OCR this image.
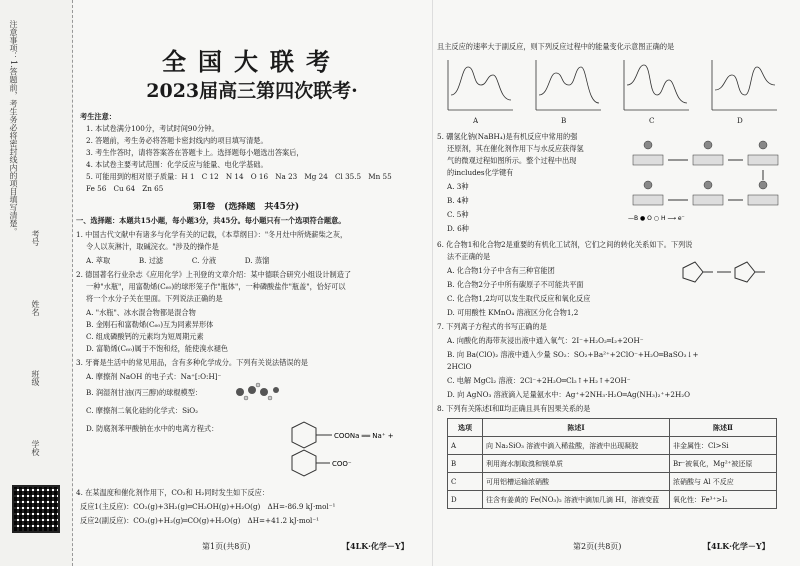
注意事项：1.答题前，考生务必将密封线内的项目填写清楚。
考号
姓名
班级
学校
全国大联考
2023届高三第四次联考·
考生注意：
1. 本试卷满分100分，考试时间90分钟。
2. 答题前，考生务必将答题卡密封线内的项目填写清楚。
3. 考生作答时，请将答案答在答题卡上。选择题每小题选出答案后，
4. 本试卷主要考试范围：化学反应与能量、电化学基础。
5. 可能用到的相对原子质量：H 1　C 12　N 14　O 16　Na 23　Mg 24　Cl 35.5　Mn 55
Fe 56　Cu 64　Zn 65
第Ⅰ卷　(选择题　共45分)
一、选择题：本题共15小题，每小题3分，共45分。每小题只有一个选项符合题意。
1. 中国古代文献中有诸多与化学有关的记载，《本草纲目》："冬月灶中所烧薪柴之灰，
令人以灰淋汁，取碱浣衣。"涉及的操作是
A. 萃取　　　　B. 过滤　　　　C. 分液　　　　D. 蒸馏
2. 德国著名行业杂志《应用化学》上刊登的文章介绍：某中德联合研究小组设计制造了
一种"水瓶"，用富勒烯(C₆₀)的球形笼子作"瓶体"，一种磷酸盐作"瓶盖"，恰好可以
将一个水分子关在里面。下列说法正确的是
A. "水瓶"、冰水混合物都是混合物
B. 金刚石和富勒烯(C₆₀)互为同素异形体
C. 组成磷酸钙的元素均为短周期元素
D. 富勒烯(C₆₀)属于不饱和烃，能使溴水褪色
3. 牙膏是生活中的常见用品，含有多种化学成分。下列有关说法错误的是
A. 摩擦剂 NaOH 的电子式：Na⁺[:O:H]⁻
B. 润湿剂甘油(丙三醇)的球棍模型：
C. 摩擦剂二氧化硅的化学式：SiO₂
D. 防腐剂苯甲酸钠在水中的电离方程式：
COONa ══ Na⁺ +
COO⁻
4. 在某温度和催化剂作用下，CO₂和 H₂同时发生如下反应：
反应1(主反应)：CO₂(g)+3H₂(g)═CH₃OH(g)+H₂O(g)　ΔH=-86.9 kJ·mol⁻¹
反应2(副反应)：CO₂(g)+H₂(g)═CO(g)+H₂O(g)　ΔH=+41.2 kJ·mol⁻¹
第1页(共8页)	【4LK·化学－Y】
且主反应的速率大于副反应，则下列反应过程中的能量变化示意图正确的是
A	B	C	D
5. 硼氢化钠(NaBH₄)是有机反应中常用的强
还原剂，其在催化剂作用下与水反应获得氢
气的微观过程如图所示。整个过程中出现
的includes化学键有
A. 3种
B. 4种
C. 5种
D. 6种
—B ● O ○ H ⟶ e⁻
6. 化合物1和化合物2是重要的有机化工试剂，它们之间的转化关系如下。下列说
法不正确的是
A. 化合物1分子中含有三种官能团
B. 化合物2分子中所有碳原子不可能共平面
C. 化合物1,2均可以发生取代反应和氧化反应
D. 可用酸性 KMnO₄ 溶液区分化合物1,2
7. 下列离子方程式的书写正确的是
A. 向酸化的海带灰浸出液中通入氧气：2I⁻+H₂O₂═I₂+2OH⁻
B. 向 Ba(ClO)₂ 溶液中通入少量 SO₂：SO₂+Ba²⁺+2ClO⁻+H₂O═BaSO₃↓+
2HClO
C. 电解 MgCl₂ 溶液：2Cl⁻+2H₂O═Cl₂↑+H₂↑+2OH⁻
D. 向 AgNO₃ 溶液滴入足量氨水中：Ag⁺+2NH₃·H₂O═Ag(NH₃)₂⁺+2H₂O
8. 下列有关陈述Ⅰ和Ⅱ均正确且具有因果关系的是
选项	陈述Ⅰ	陈述Ⅱ
A	向 Na₂SiO₃ 溶液中滴入稀盐酸，溶液中出现凝胶	非金属性：Cl>Si
B	利用海水制取溴和镁单质	Br⁻被氧化，Mg²⁺被还原
C	可用铝槽运输浓硝酸	浓硝酸与 Al 不反应
D	往含有姜黄的 Fe(NO₃)₂ 溶液中滴加几滴 HI，溶液变蓝	氧化性：Fe³⁺>I₂
第2页(共8页)	【4LK·化学－Y】
